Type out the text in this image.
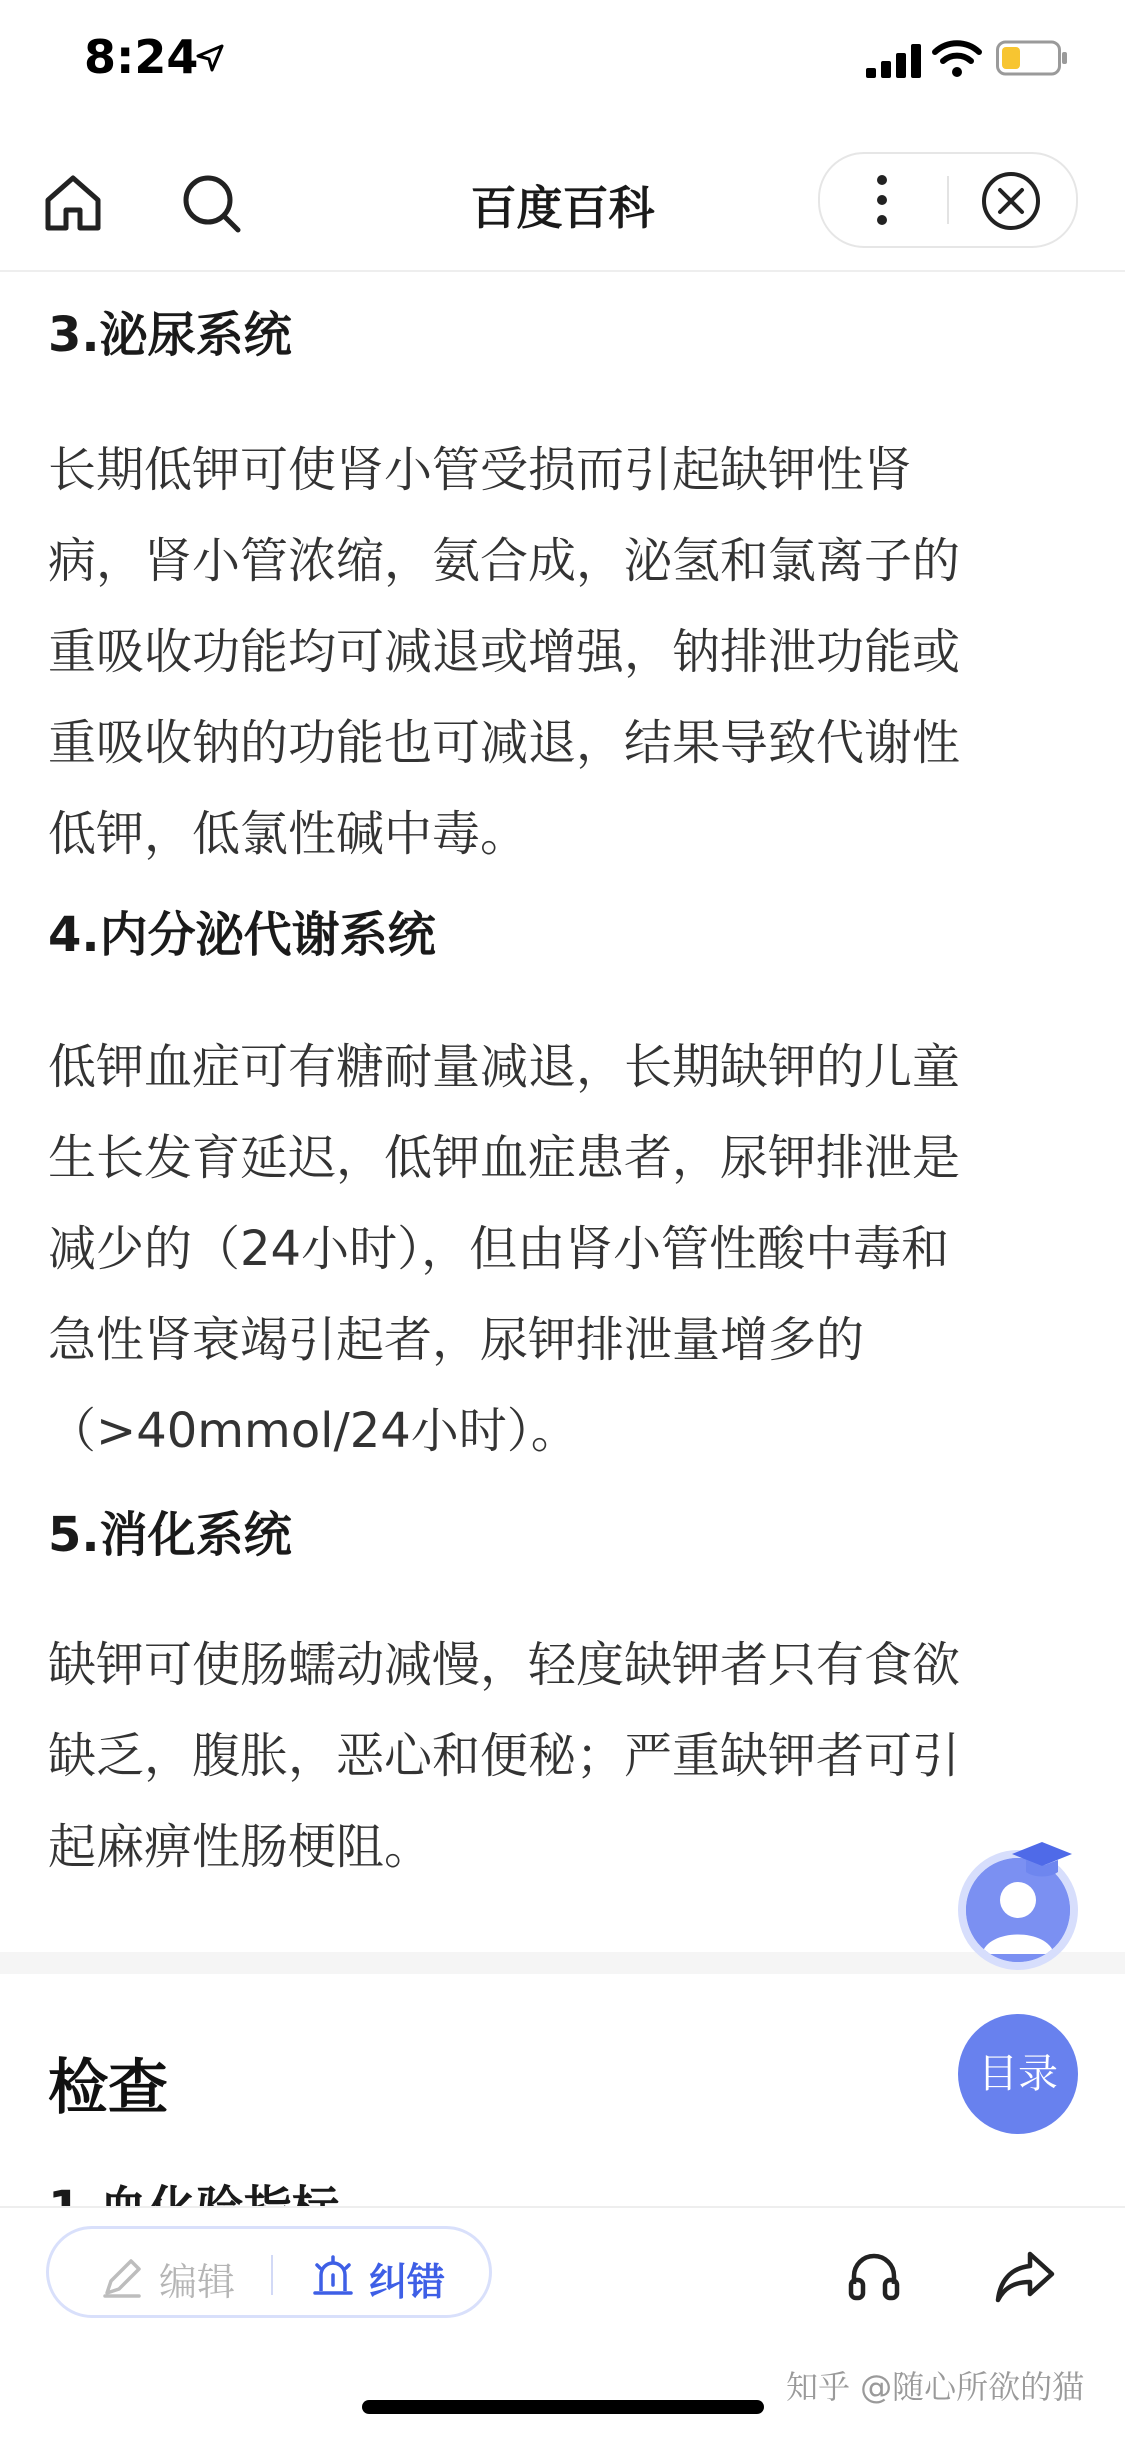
8:24
百度百科
3.泌尿系统
长期低钾可使肾小管受损而引起缺钾性肾
病，肾小管浓缩，氨合成，泌氢和氯离子的
重吸收功能均可减退或增强，钠排泄功能或
重吸收钠的功能也可减退，结果导致代谢性
低钾，低氯性碱中毒。
4.内分泌代谢系统
低钾血症可有糖耐量减退，长期缺钾的儿童
生长发育延迟，低钾血症患者，尿钾排泄是
减少的（24小时），但由肾小管性酸中毒和
急性肾衰竭引起者，尿钾排泄量增多的
（>40mmol/24小时）。
5.消化系统
缺钾可使肠蠕动减慢，轻度缺钾者只有食欲
缺乏，腹胀，恶心和便秘；严重缺钾者可引
起麻痹性肠梗阻。
检查	目录
编辑	纠错
知乎 @随心所欲的猫
